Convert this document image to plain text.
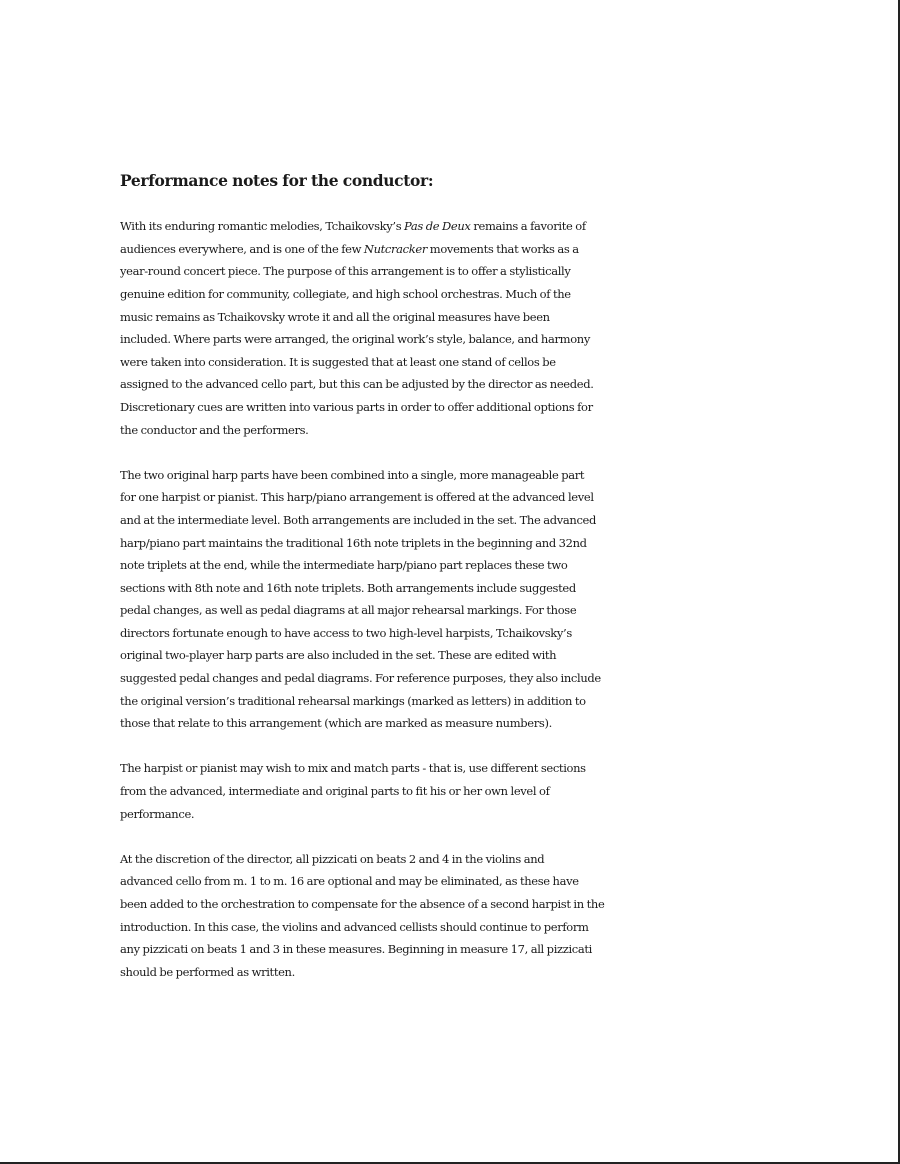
Performance notes for the conductor:
With its enduring romantic melodies, Tchaikovsky’s Pas de Deux remains a favorite of
audiences everywhere, and is one of the few Nutcracker movements that works as a
year-round concert piece. The purpose of this arrangement is to offer a stylistically
genuine edition for community, collegiate, and high school orchestras. Much of the
music remains as Tchaikovsky wrote it and all the original measures have been
included. Where parts were arranged, the original work’s style, balance, and harmony
were taken into consideration. It is suggested that at least one stand of cellos be
assigned to the advanced cello part, but this can be adjusted by the director as needed.
Discretionary cues are written into various parts in order to offer additional options for
the conductor and the performers.
The two original harp parts have been combined into a single, more manageable part
for one harpist or pianist. This harp/piano arrangement is offered at the advanced level
and at the intermediate level. Both arrangements are included in the set. The advanced
harp/piano part maintains the traditional 16th note triplets in the beginning and 32nd
note triplets at the end, while the intermediate harp/piano part replaces these two
sections with 8th note and 16th note triplets. Both arrangements include suggested
pedal changes, as well as pedal diagrams at all major rehearsal markings. For those
directors fortunate enough to have access to two high-level harpists, Tchaikovsky’s
original two-player harp parts are also included in the set. These are edited with
suggested pedal changes and pedal diagrams. For reference purposes, they also include
the original version’s traditional rehearsal markings (marked as letters) in addition to
those that relate to this arrangement (which are marked as measure numbers).
The harpist or pianist may wish to mix and match parts - that is, use different sections
from the advanced, intermediate and original parts to fit his or her own level of
performance.
At the discretion of the director, all pizzicati on beats 2 and 4 in the violins and
advanced cello from m. 1 to m. 16 are optional and may be eliminated, as these have
been added to the orchestration to compensate for the absence of a second harpist in the
introduction. In this case, the violins and advanced cellists should continue to perform
any pizzicati on beats 1 and 3 in these measures. Beginning in measure 17, all pizzicati
should be performed as written.
